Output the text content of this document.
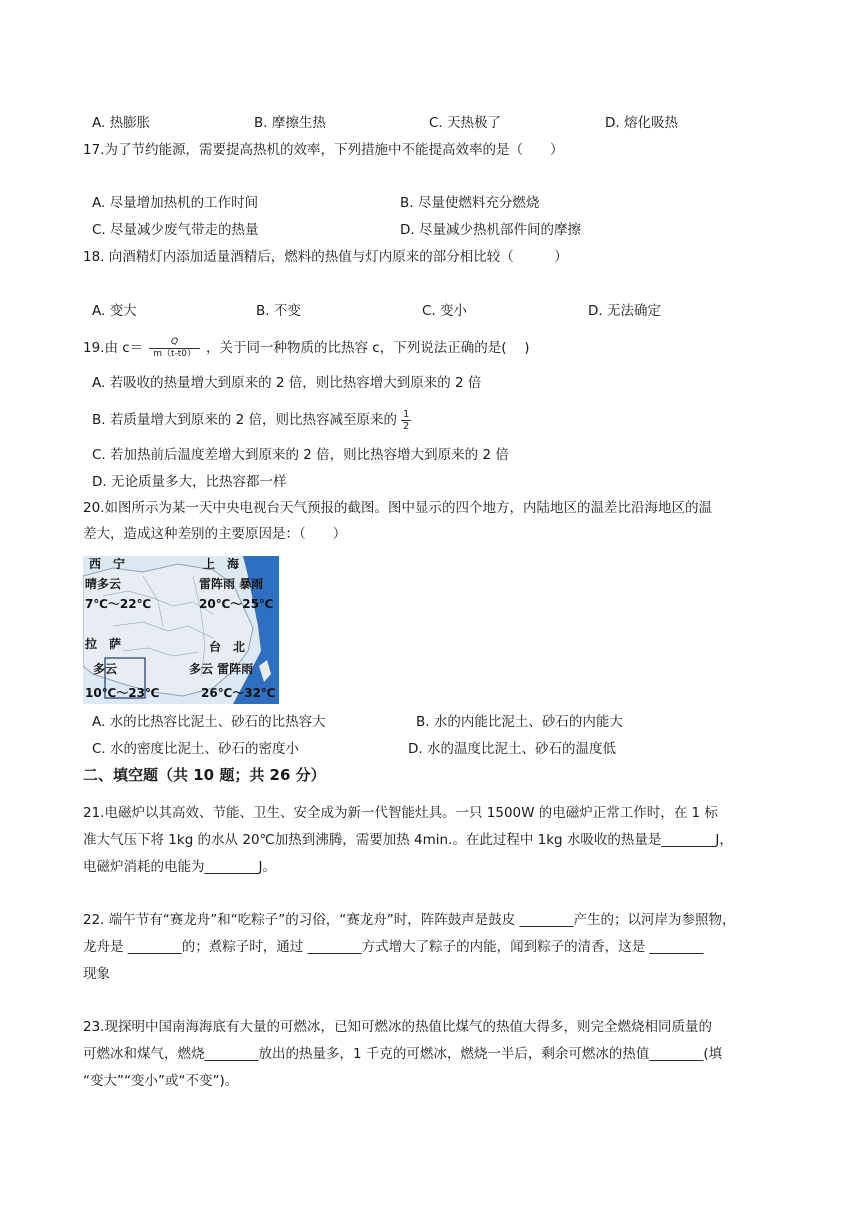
A. 热膨胀	B. 摩擦生热	C. 天热极了	D. 熔化吸热
17.为了节约能源，需要提高热机的效率，下列措施中不能提高效率的是（　　）
A. 尽量增加热机的工作时间	B. 尽量使燃料充分燃烧
C. 尽量减少废气带走的热量	D. 尽量减少热机部件间的摩擦
18. 向酒精灯内添加适量酒精后，燃料的热值与灯内原来的部分相比较（　　　）
A. 变大	B. 不变	C. 变小	D. 无法确定
19.由 $c= \frac{Q}{m(t-t0)}$ ，关于同一种物质的比热容 c，下列说法正确的是(　 )
A. 若吸收的热量增大到原来的 2 倍，则比热容增大到原来的 2 倍
B. 若质量增大到原来的 2 倍，则比热容减至原来的 $\frac{1}{2}$
C. 若加热前后温度差增大到原来的 2 倍，则比热容增大到原来的 2 倍
D. 无论质量多大，比热容都一样
20.如图所示为某一天中央电视台天气预报的截图。图中显示的四个地方，内陆地区的温差比沿海地区的温
差大，造成这种差别的主要原因是：（　　）
西　宁
晴多云
7℃～22℃
上　海
雷阵雨 暴雨
20℃～25℃
拉　萨
多云
10℃～23℃
台　北
多云 雷阵雨
26℃～32℃
A. 水的比热容比泥土、砂石的比热容大	B. 水的内能比泥土、砂石的内能大
C. 水的密度比泥土、砂石的密度小	D. 水的温度比泥土、砂石的温度低
二、填空题（共 10 题；共 26 分）
21.电磁炉以其高效、节能、卫生、安全成为新一代智能灶具。一只 1500W 的电磁炉正常工作时，在 1 标
准大气压下将 1kg 的水从 20℃加热到沸腾，需要加热 4min.。在此过程中 1kg 水吸收的热量是________J，
电磁炉消耗的电能为________J。
22. 端午节有“赛龙舟”和“吃粽子”的习俗，“赛龙舟”时，阵阵鼓声是鼓皮 ________产生的；以河岸为参照物，
龙舟是 ________的；煮粽子时，通过 ________方式增大了粽子的内能，闻到粽子的清香，这是 ________
现象
23.现探明中国南海海底有大量的可燃冰，已知可燃冰的热值比煤气的热值大得多，则完全燃烧相同质量的
可燃冰和煤气，燃烧________放出的热量多，1 千克的可燃冰，燃烧一半后，剩余可燃冰的热值________(填
“变大”“变小”或“不变”)。
